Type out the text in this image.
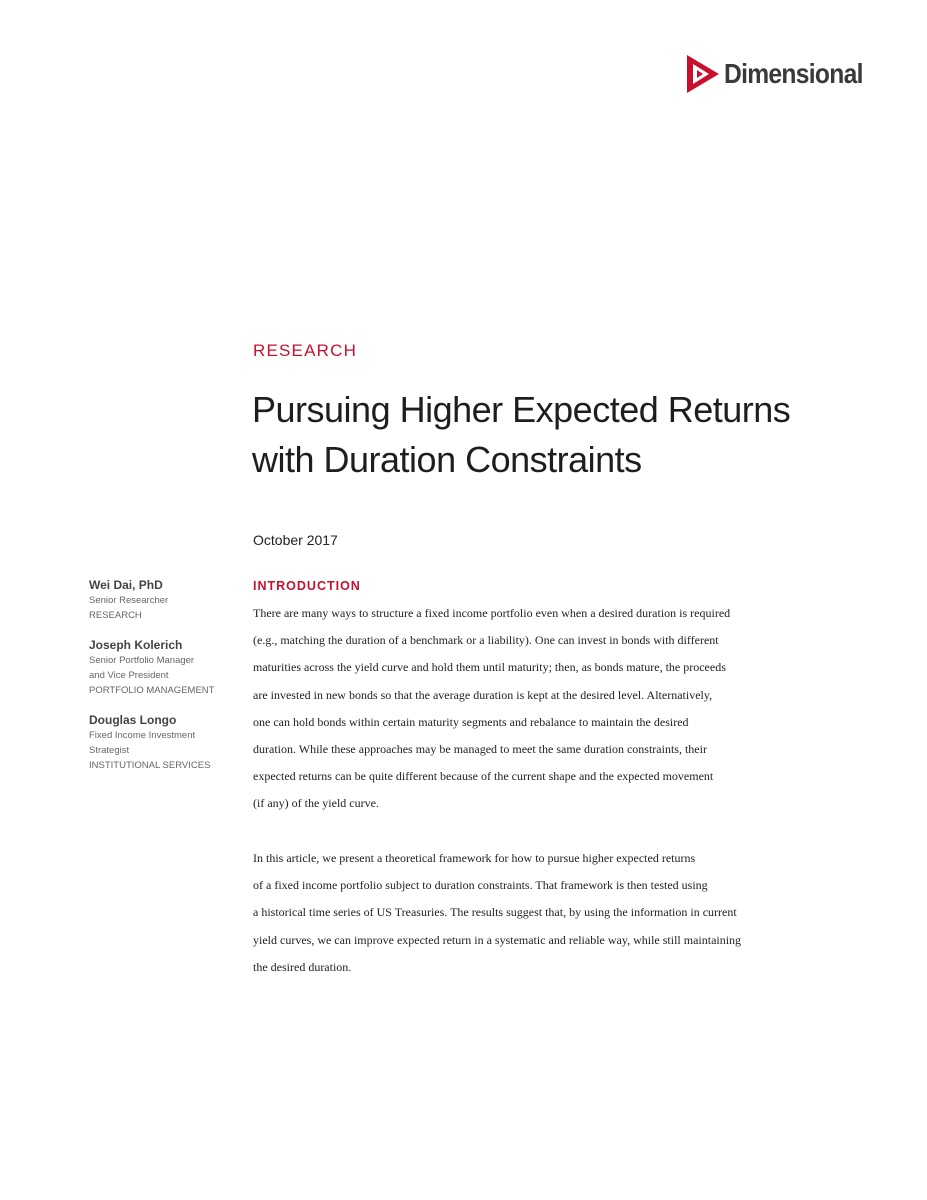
Dimensional
RESEARCH
Pursuing Higher Expected Returns
with Duration Constraints
October 2017
Wei Dai, PhD
Senior Researcher
RESEARCH
Joseph Kolerich
Senior Portfolio Manager
and Vice President
PORTFOLIO MANAGEMENT
Douglas Longo
Fixed Income Investment
Strategist
INSTITUTIONAL SERVICES
INTRODUCTION
There are many ways to structure a fixed income portfolio even when a desired duration is required
(e.g., matching the duration of a benchmark or a liability). One can invest in bonds with different
maturities across the yield curve and hold them until maturity; then, as bonds mature, the proceeds
are invested in new bonds so that the average duration is kept at the desired level. Alternatively,
one can hold bonds within certain maturity segments and rebalance to maintain the desired
duration. While these approaches may be managed to meet the same duration constraints, their
expected returns can be quite different because of the current shape and the expected movement
(if any) of the yield curve.
In this article, we present a theoretical framework for how to pursue higher expected returns
of a fixed income portfolio subject to duration constraints. That framework is then tested using
a historical time series of US Treasuries. The results suggest that, by using the information in current
yield curves, we can improve expected return in a systematic and reliable way, while still maintaining
the desired duration.
